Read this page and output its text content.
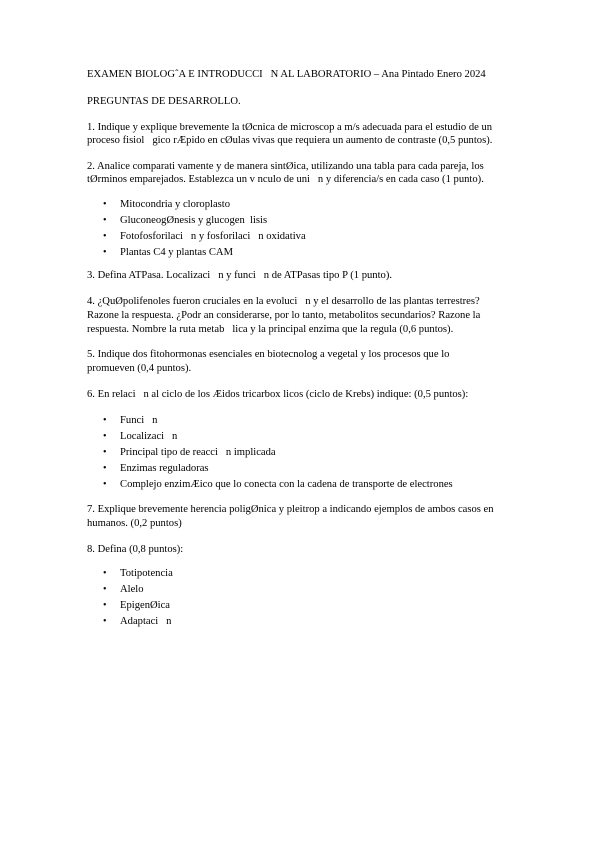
EXAMEN BIOLOGˆA E INTRODUCCI   N AL LABORATORIO – Ana Pintado Enero 2024
PREGUNTAS DE DESARROLLO.
1. Indique y explique brevemente la tØcnica de microscop a m/s adecuada para el estudio de un
proceso fisiol   gico rÆpido en cØulas vivas que requiera un aumento de contraste (0,5 puntos).
2. Analice comparati vamente y de manera sintØica, utilizando una tabla para cada pareja, los
tØrminos emparejados. Establezca un v nculo de uni   n y diferencia/s en cada caso (1 punto).

•

Mitocondria y cloroplasto

•

GluconeogØnesis y glucogen  lisis

•

Fotofosforilaci   n y fosforilaci   n oxidativa

•

Plantas C4 y plantas CAM

3. Defina ATPasa. Localizaci   n y funci   n de ATPasas tipo P (1 punto).
4. ¿QuØpolifenoles fueron cruciales en la evoluci   n y el desarrollo de las plantas terrestres?
Razone la respuesta. ¿Podr an considerarse, por lo tanto, metabolitos secundarios? Razone la
respuesta. Nombre la ruta metab   lica y la principal enzima que la regula (0,6 puntos).
5. Indique dos fitohormonas esenciales en biotecnolog a vegetal y los procesos que lo
promueven (0,4 puntos).
6. En relaci   n al ciclo de los Æidos tricarbox licos (ciclo de Krebs) indique: (0,5 puntos):

•

Funci   n

•

Localizaci   n

•

Principal tipo de reacci   n implicada

•

Enzimas reguladoras

•

Complejo enzimÆico que lo conecta con la cadena de transporte de electrones

7. Explique brevemente herencia poligØnica y pleitrop a indicando ejemplos de ambos casos en
humanos. (0,2 puntos)
8. Defina (0,8 puntos):

•

Totipotencia

•

Alelo

•

EpigenØica

•

Adaptaci   n
